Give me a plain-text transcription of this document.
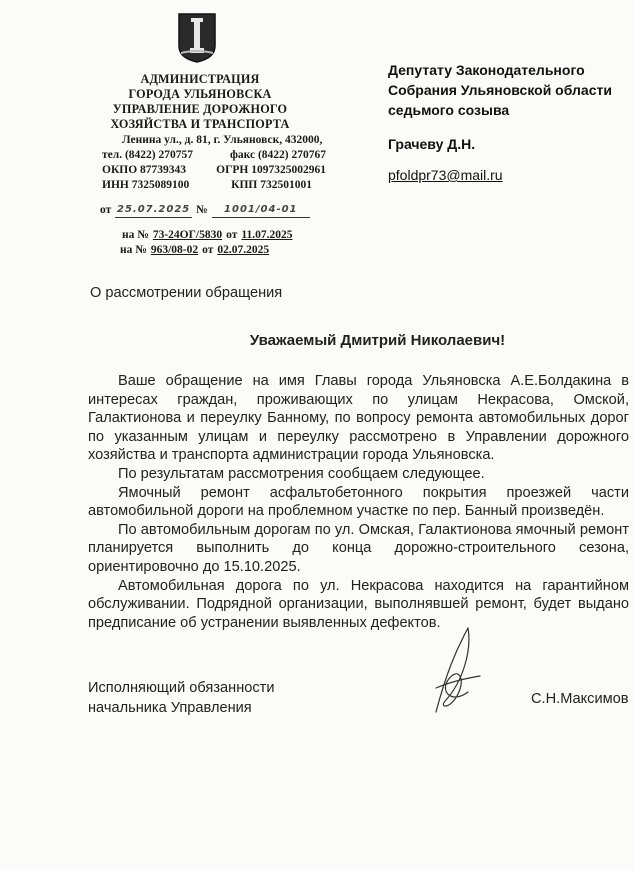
АДМИНИСТРАЦИЯ
ГОРОДА УЛЬЯНОВСКА
УПРАВЛЕНИЕ ДОРОЖНОГО
ХОЗЯЙСТВА И ТРАНСПОРТА
Ленина ул., д. 81, г. Ульяновск, 432000,
тел. (8422) 270757	факс (8422) 270767
ОКПО 87739343	ОГРН 1097325002961
ИНН 7325089100	КПП 732501001
от 25.07.2025 №	1001/04-01
на № 73-24ОГ/5830 от 11.07.2025
на № 963/08-02 от 02.07.2025
Депутату Законодательного
Собрания Ульяновской области
седьмого созыва
Грачеву Д.Н.
pfoldpr73@mail.ru
О рассмотрении обращения
Уважаемый Дмитрий Николаевич!

Ваше обращение на имя Главы города Ульяновска А.Е.Болдакина в интересах граждан, проживающих по улицам Некрасова, Омской, Галактионова и переулку Банному, по вопросу ремонта автомобильных дорог по указанным улицам и переулку рассмотрено в Управлении дорожного хозяйства и транспорта администрации города Ульяновска.

По результатам рассмотрения сообщаем следующее.

Ямочный ремонт асфальтобетонного покрытия проезжей части автомобильной дороги на проблемном участке по пер. Банный произведён.

По автомобильным дорогам по ул. Омская, Галактионова ямочный ремонт планируется выполнить до конца дорожно-строительного сезона, ориентировочно до 15.10.2025.

Автомобильная дорога по ул. Некрасова находится на гарантийном обслуживании. Подрядной организации, выполнявшей ремонт, будет выдано предписание об устранении выявленных дефектов.

Исполняющий обязанности
начальника Управления
С.Н.Максимов
